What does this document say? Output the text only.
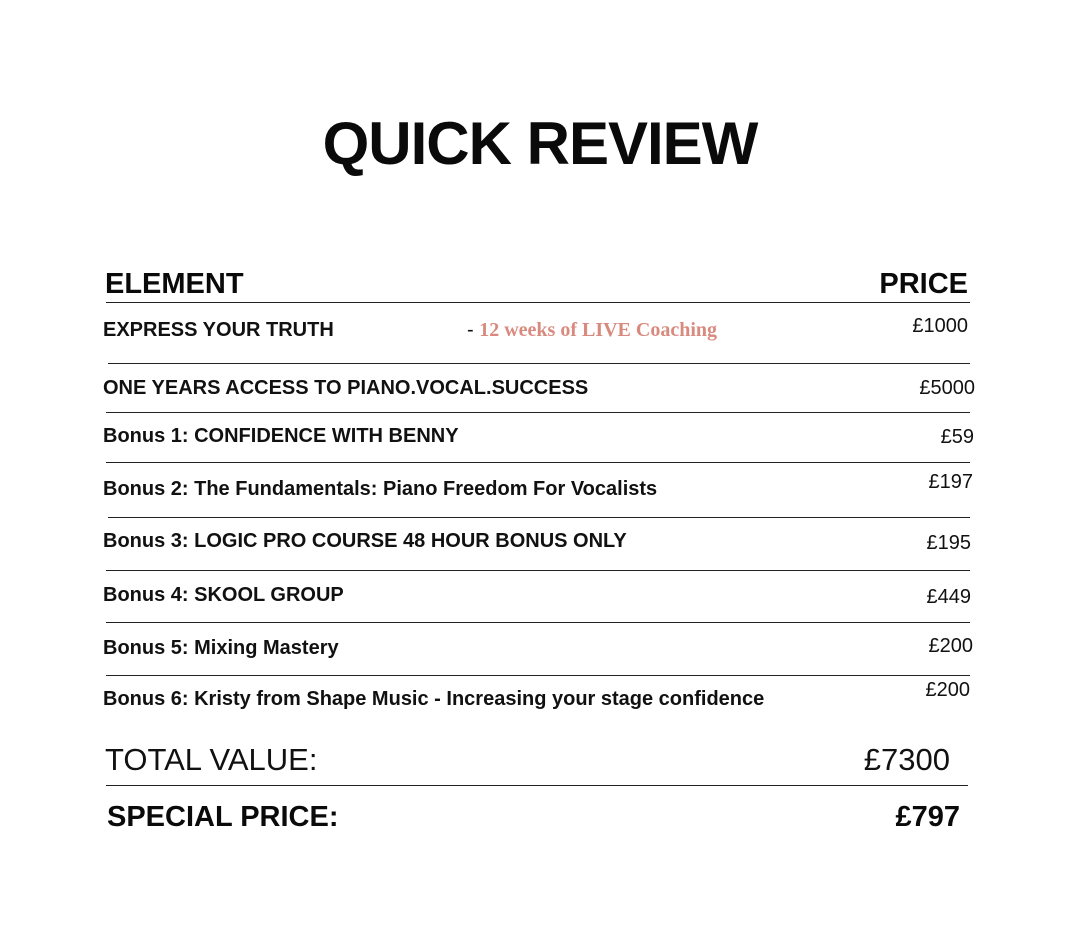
QUICK REVIEW
ELEMENT	PRICE
EXPRESS YOUR TRUTH	- 12 weeks of LIVE Coaching	£1000
ONE YEARS ACCESS TO PIANO.VOCAL.SUCCESS	£5000
Bonus 1: CONFIDENCE WITH BENNY	£59
Bonus 2: The Fundamentals: Piano Freedom For Vocalists	£197
Bonus 3: LOGIC PRO COURSE 48 HOUR BONUS ONLY	£195
Bonus 4: SKOOL GROUP	£449
Bonus 5: Mixing Mastery	£200
Bonus 6: Kristy from Shape Music - Increasing your stage confidence	£200
TOTAL VALUE:	£7300
SPECIAL PRICE:	£797
